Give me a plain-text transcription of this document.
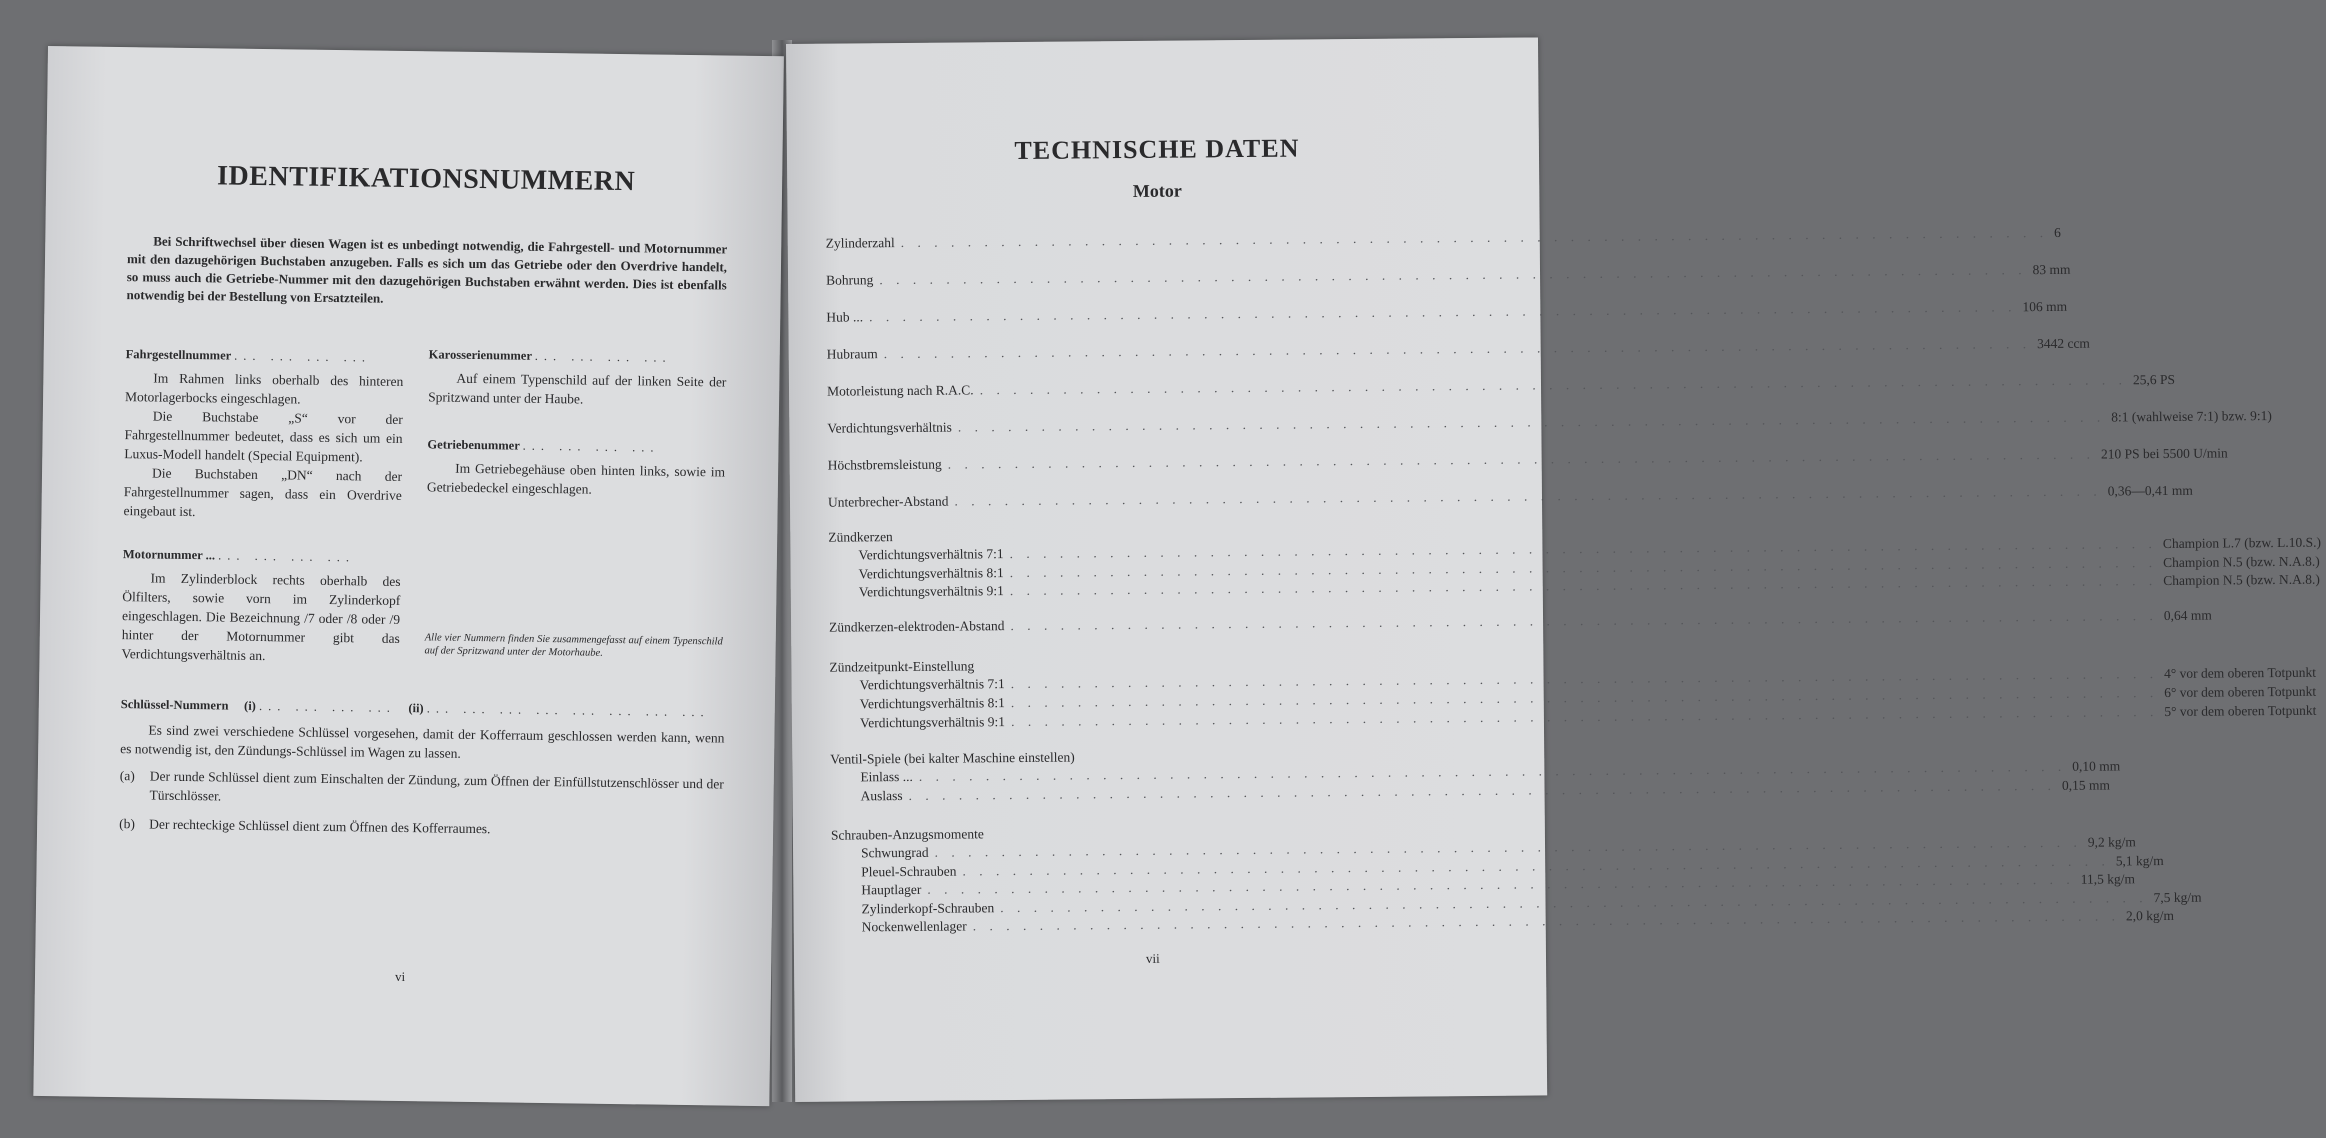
IDENTIFIKATIONSNUMMERN
Bei Schriftwechsel über diesen Wagen ist es unbedingt notwendig, die Fahrgestell- und Motornummer mit den dazugehörigen Buchstaben anzugeben. Falls es sich um das Getriebe oder den Overdrive handelt, so muss auch die Getriebe-Nummer mit den dazugehörigen Buchstaben erwähnt werden. Dies ist ebenfalls notwendig bei der Bestellung von Ersatzteilen.
Fahrgestellnummer ... ... ... ...

Im Rahmen links oberhalb des hinteren Motorlagerbocks eingeschlagen.

Die Buchstabe „S“ vor der Fahrgestellnummer bedeutet, dass es sich um ein Luxus-Modell handelt (Special Equipment).

Die Buchstaben „DN“ nach der Fahrgestellnummer sagen, dass ein Overdrive eingebaut ist.

Motornummer ... ... ... ... ...

Im Zylinderblock rechts oberhalb des Ölfilters, sowie vorn im Zylinderkopf eingeschlagen. Die Bezeichnung /7 oder /8 oder /9 hinter der Motornummer gibt das Verdichtungsverhältnis an.

Karosserienummer ... ... ... ...

Auf einem Typenschild auf der linken Seite der Spritzwand unter der Haube.

Getriebenummer ... ... ... ...

Im Getriebegehäuse oben hinten links, sowie im Getriebedeckel eingeschlagen.

Alle vier Nummern finden Sie zusammengefasst auf einem Typenschild auf der Spritzwand unter der Motorhaube.
Schlüssel-Nummern (i) ... ... ... ... (ii) ... ... ... ... ... ... ... ...

Es sind zwei verschiedene Schlüssel vorgesehen, damit der Kofferraum geschlossen werden kann, wenn es notwendig ist, den Zündungs-Schlüssel im Wagen zu lassen.

(a)	Der runde Schlüssel dient zum Einschalten der Zündung, zum Öffnen der Einfüllstutzenschlösser und der Türschlösser.
(b)	Der rechteckige Schlüssel dient zum Öffnen des Kofferraumes.
vi
TECHNISCHE DATEN
Motor
Zylinderzahl . . . . . . . . . . . . . . . . . . . . . . . . . . . . . . . . . . . . . . . . . . . . . . . . . . . . . . . . . . . . . . . . . . . . . 6
Bohrung . . . . . . . . . . . . . . . . . . . . . . . . . . . . . . . . . . . . . . . . . . . . . . . . . . . . . . . . . . . . . . . . . . . . . 83 mm
Hub ... . . . . . . . . . . . . . . . . . . . . . . . . . . . . . . . . . . . . . . . . . . . . . . . . . . . . . . . . . . . . . . . . . . . . . 106 mm
Hubraum . . . . . . . . . . . . . . . . . . . . . . . . . . . . . . . . . . . . . . . . . . . . . . . . . . . . . . . . . . . . . . . . . . . . . 3442 ccm
Motorleistung nach R.A.C. . . . . . . . . . . . . . . . . . . . . . . . . . . . . . . . . . . . . . . . . . . . . . . . . . . . . . . . . . . . . . . . . . . . . . 25,6 PS
Verdichtungsverhältnis . . . . . . . . . . . . . . . . . . . . . . . . . . . . . . . . . . . . . . . . . . . . . . . . . . . . . . . . . . . . . . . . . . . . . 8:1 (wahlweise 7:1) bzw. 9:1)
Höchstbremsleistung . . . . . . . . . . . . . . . . . . . . . . . . . . . . . . . . . . . . . . . . . . . . . . . . . . . . . . . . . . . . . . . . . . . . . 210 PS bei 5500 U/min
Unterbrecher-Abstand . . . . . . . . . . . . . . . . . . . . . . . . . . . . . . . . . . . . . . . . . . . . . . . . . . . . . . . . . . . . . . . . . . . . . 0,36—0,41 mm
Zündkerzen
Verdichtungsverhältnis 7:1 . . . . . . . . . . . . . . . . . . . . . . . . . . . . . . . . . . . . . . . . . . . . . . . . . . . . . . . . . . . . . . . . . . . . . Champion L.7 (bzw. L.10.S.)
Verdichtungsverhältnis 8:1 . . . . . . . . . . . . . . . . . . . . . . . . . . . . . . . . . . . . . . . . . . . . . . . . . . . . . . . . . . . . . . . . . . . . . Champion N.5 (bzw. N.A.8.)
Verdichtungsverhältnis 9:1 . . . . . . . . . . . . . . . . . . . . . . . . . . . . . . . . . . . . . . . . . . . . . . . . . . . . . . . . . . . . . . . . . . . . . Champion N.5 (bzw. N.A.8.)
Zündkerzen-elektroden-Abstand . . . . . . . . . . . . . . . . . . . . . . . . . . . . . . . . . . . . . . . . . . . . . . . . . . . . . . . . . . . . . . . . . . . . . 0,64 mm
Zündzeitpunkt-Einstellung
Verdichtungsverhältnis 7:1 . . . . . . . . . . . . . . . . . . . . . . . . . . . . . . . . . . . . . . . . . . . . . . . . . . . . . . . . . . . . . . . . . . . . . 4° vor dem oberen Totpunkt
Verdichtungsverhältnis 8:1 . . . . . . . . . . . . . . . . . . . . . . . . . . . . . . . . . . . . . . . . . . . . . . . . . . . . . . . . . . . . . . . . . . . . . 6° vor dem oberen Totpunkt
Verdichtungsverhältnis 9:1 . . . . . . . . . . . . . . . . . . . . . . . . . . . . . . . . . . . . . . . . . . . . . . . . . . . . . . . . . . . . . . . . . . . . . 5° vor dem oberen Totpunkt
Ventil-Spiele (bei kalter Maschine einstellen)
Einlass ... . . . . . . . . . . . . . . . . . . . . . . . . . . . . . . . . . . . . . . . . . . . . . . . . . . . . . . . . . . . . . . . . . . . . . 0,10 mm
Auslass . . . . . . . . . . . . . . . . . . . . . . . . . . . . . . . . . . . . . . . . . . . . . . . . . . . . . . . . . . . . . . . . . . . . . 0,15 mm
Schrauben-Anzugsmomente
Schwungrad . . . . . . . . . . . . . . . . . . . . . . . . . . . . . . . . . . . . . . . . . . . . . . . . . . . . . . . . . . . . . . . . . . . . . 9,2 kg/m
Pleuel-Schrauben . . . . . . . . . . . . . . . . . . . . . . . . . . . . . . . . . . . . . . . . . . . . . . . . . . . . . . . . . . . . . . . . . . . . . 5,1 kg/m
Hauptlager . . . . . . . . . . . . . . . . . . . . . . . . . . . . . . . . . . . . . . . . . . . . . . . . . . . . . . . . . . . . . . . . . . . . . 11,5 kg/m
Zylinderkopf-Schrauben . . . . . . . . . . . . . . . . . . . . . . . . . . . . . . . . . . . . . . . . . . . . . . . . . . . . . . . . . . . . . . . . . . . . . 7,5 kg/m
Nockenwellenlager . . . . . . . . . . . . . . . . . . . . . . . . . . . . . . . . . . . . . . . . . . . . . . . . . . . . . . . . . . . . . . . . . . . . . 2,0 kg/m
vii
